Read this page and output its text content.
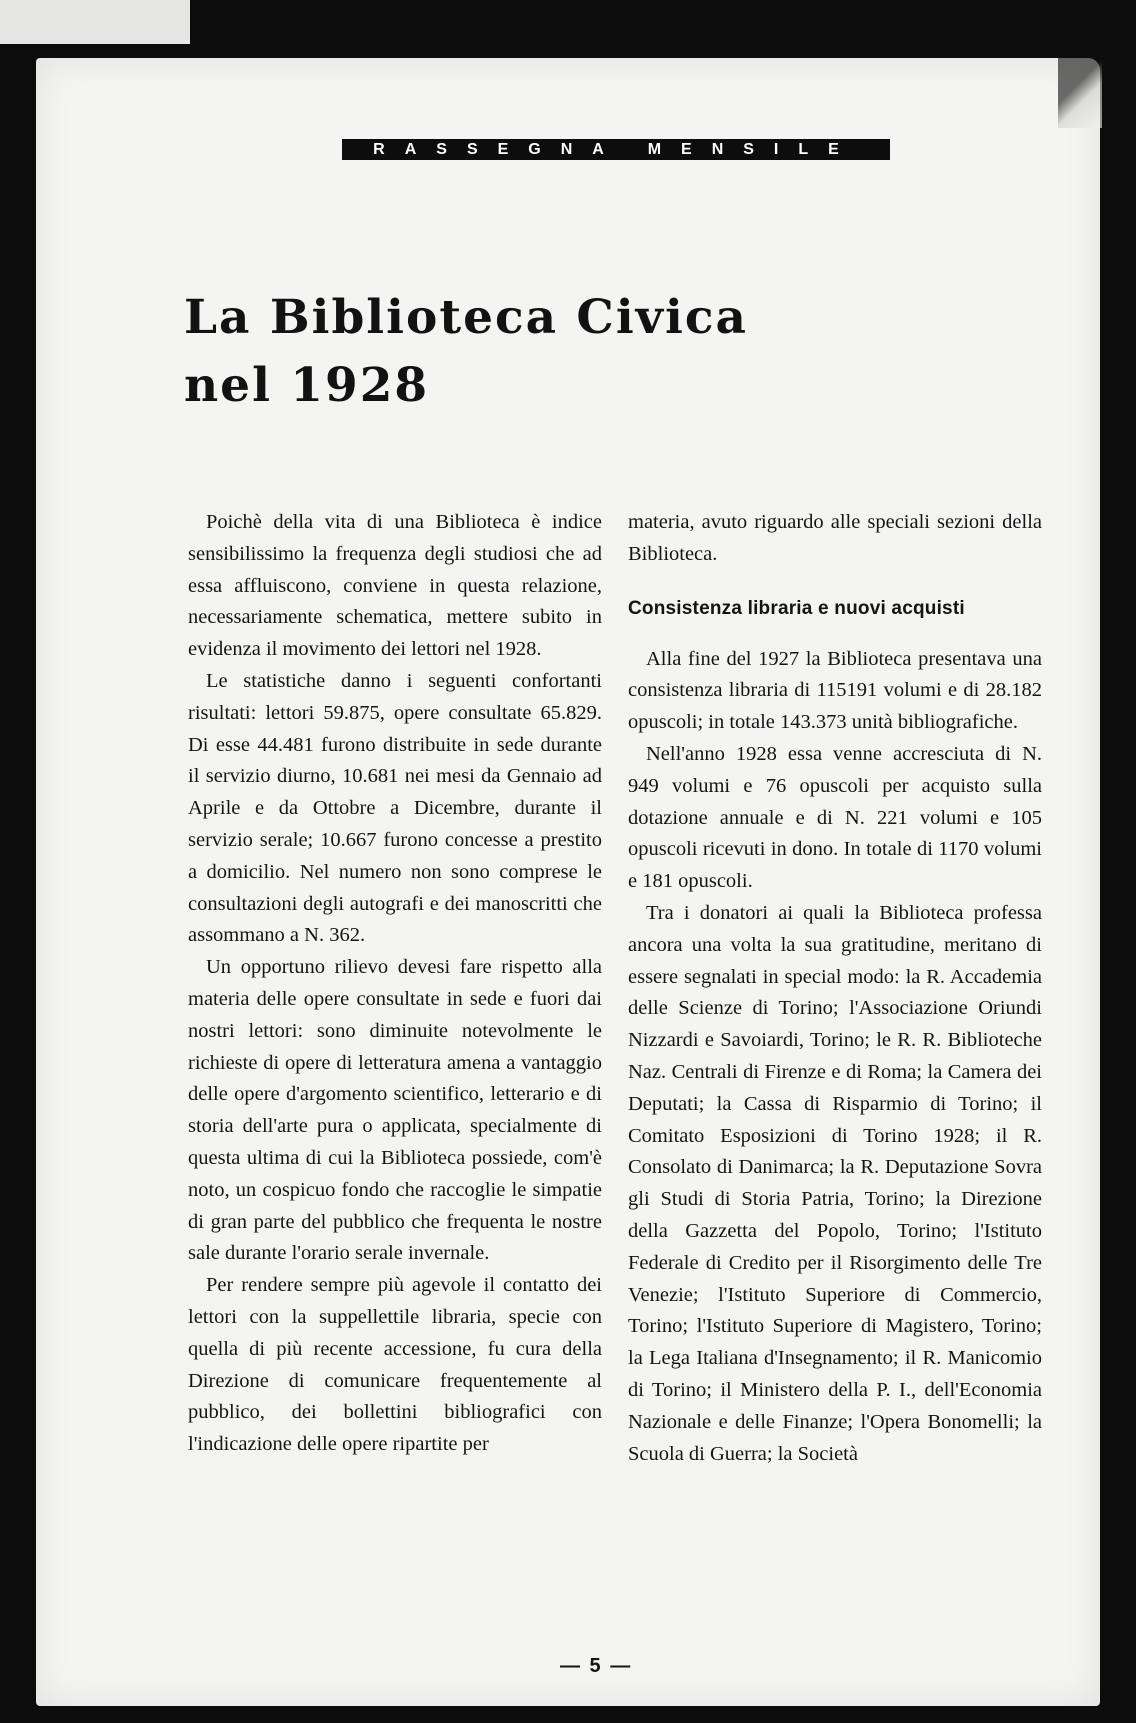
RASSEGNA MENSILE
La Biblioteca Civica
nel 1928

Poichè della vita di una Biblioteca è indice sensibilissimo la frequenza degli studiosi che ad essa affluiscono, conviene in questa relazione, necessariamente schematica, mettere subito in evidenza il movimento dei lettori nel 1928.

Le statistiche danno i seguenti confortanti risultati: lettori 59.875, opere consultate 65.829. Di esse 44.481 furono distribuite in sede durante il servizio diurno, 10.681 nei mesi da Gennaio ad Aprile e da Ottobre a Dicembre, durante il servizio serale; 10.667 furono concesse a prestito a domicilio. Nel numero non sono comprese le consultazioni degli autografi e dei manoscritti che assommano a N. 362.

Un opportuno rilievo devesi fare rispetto alla materia delle opere consultate in sede e fuori dai nostri lettori: sono diminuite notevolmente le richieste di opere di letteratura amena a vantaggio delle opere d'argomento scientifico, letterario e di storia dell'arte pura o applicata, specialmente di questa ultima di cui la Biblioteca possiede, com'è noto, un cospicuo fondo che raccoglie le simpatie di gran parte del pubblico che frequenta le nostre sale durante l'orario serale invernale.

Per rendere sempre più agevole il contatto dei lettori con la suppellettile libraria, specie con quella di più recente accessione, fu cura della Direzione di comunicare frequentemente al pubblico, dei bollettini bibliografici con l'indicazione delle opere ripartite per

materia, avuto riguardo alle speciali sezioni della Biblioteca.

Consistenza libraria e nuovi acquisti

Alla fine del 1927 la Biblioteca presentava una consistenza libraria di 115191 volumi e di 28.182 opuscoli; in totale 143.373 unità bibliografiche.

Nell'anno 1928 essa venne accresciuta di N. 949 volumi e 76 opuscoli per acquisto sulla dotazione annuale e di N. 221 volumi e 105 opuscoli ricevuti in dono. In totale di 1170 volumi e 181 opuscoli.

Tra i donatori ai quali la Biblioteca professa ancora una volta la sua gratitudine, meritano di essere segnalati in special modo: la R. Accademia delle Scienze di Torino; l'Associazione Oriundi Nizzardi e Savoiardi, Torino; le R. R. Biblioteche Naz. Centrali di Firenze e di Roma; la Camera dei Deputati; la Cassa di Risparmio di Torino; il Comitato Esposizioni di Torino 1928; il R. Consolato di Danimarca; la R. Deputazione Sovra gli Studi di Storia Patria, Torino; la Direzione della Gazzetta del Popolo, Torino; l'Istituto Federale di Credito per il Risorgimento delle Tre Venezie; l'Istituto Superiore di Commercio, Torino; l'Istituto Superiore di Magistero, Torino; la Lega Italiana d'Insegnamento; il R. Manicomio di Torino; il Ministero della P. I., dell'Economia Nazionale e delle Finanze; l'Opera Bonomelli; la Scuola di Guerra; la Società

— 5 —
